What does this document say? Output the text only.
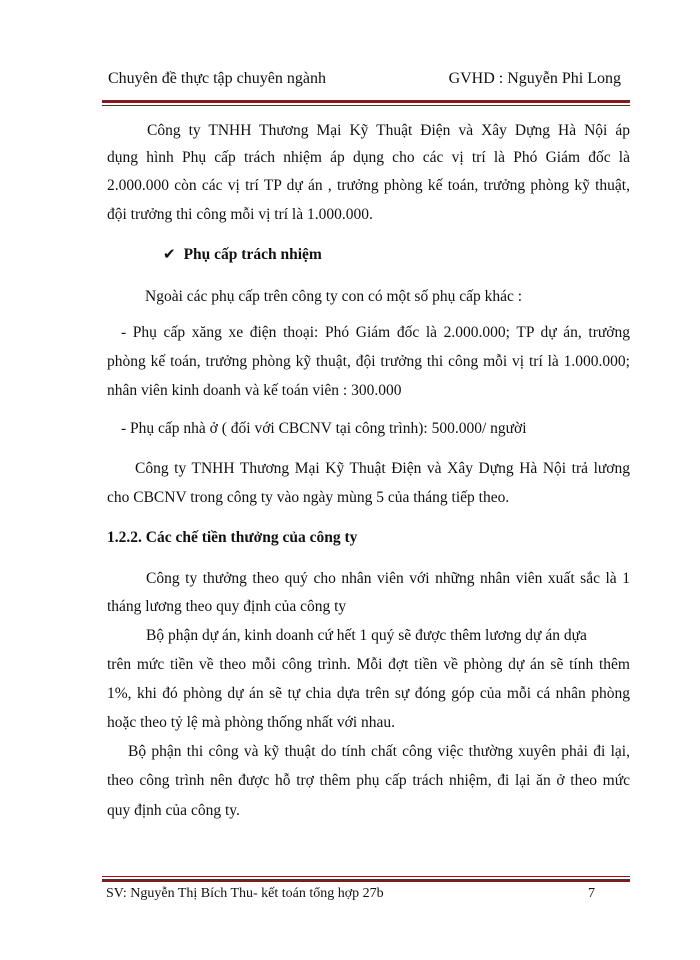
Chuyên đề thực tập chuyên ngành	GVHD : Nguyễn Phi Long
Công ty TNHH Thương Mại Kỹ Thuật Điện và Xây Dựng Hà Nội áp
dụng hình Phụ cấp trách nhiệm áp dụng cho các vị trí là Phó Giám đốc là
2.000.000 còn các vị trí TP dự án , trưởng phòng kế toán, trưởng phòng kỹ thuật,
đội trưởng thi công mỗi vị trí là 1.000.000.
✔ Phụ cấp trách nhiệm
Ngoài các phụ cấp trên công ty con có một số phụ cấp khác :
- Phụ cấp xăng xe điện thoại: Phó Giám đốc là 2.000.000; TP dự án, trưởng
phòng kế toán, trưởng phòng kỹ thuật, đội trưởng thi công mỗi vị trí là 1.000.000;
nhân viên kinh doanh và kế toán viên : 300.000
- Phụ cấp nhà ở ( đối với CBCNV tại công trình): 500.000/ người
Công ty TNHH Thương Mại Kỹ Thuật Điện và Xây Dựng Hà Nội trả lương
cho CBCNV trong công ty vào ngày mùng 5 của tháng tiếp theo.
1.2.2. Các chế tiền thưởng của công ty
Công ty thưởng theo quý cho nhân viên với những nhân viên xuất sắc là 1
tháng lương theo quy định của công ty
Bộ phận dự án, kinh doanh cứ hết 1 quý sẽ được thêm lương dự án dựa
trên mức tiền về theo mỗi công trình. Mỗi đợt tiền về phòng dự án sẽ tính thêm
1%, khi đó phòng dự án sẽ tự chia dựa trên sự đóng góp của mỗi cá nhân phòng
hoặc theo tỷ lệ mà phòng thống nhất với nhau.
Bộ phận thi công và kỹ thuật do tính chất công việc thường xuyên phải đi lại,
theo công trình nên được hỗ trợ thêm phụ cấp trách nhiệm, đi lại ăn ở theo mức
quy định của công ty.
SV: Nguyễn Thị Bích Thu- kết toán tổng hợp 27b	7
